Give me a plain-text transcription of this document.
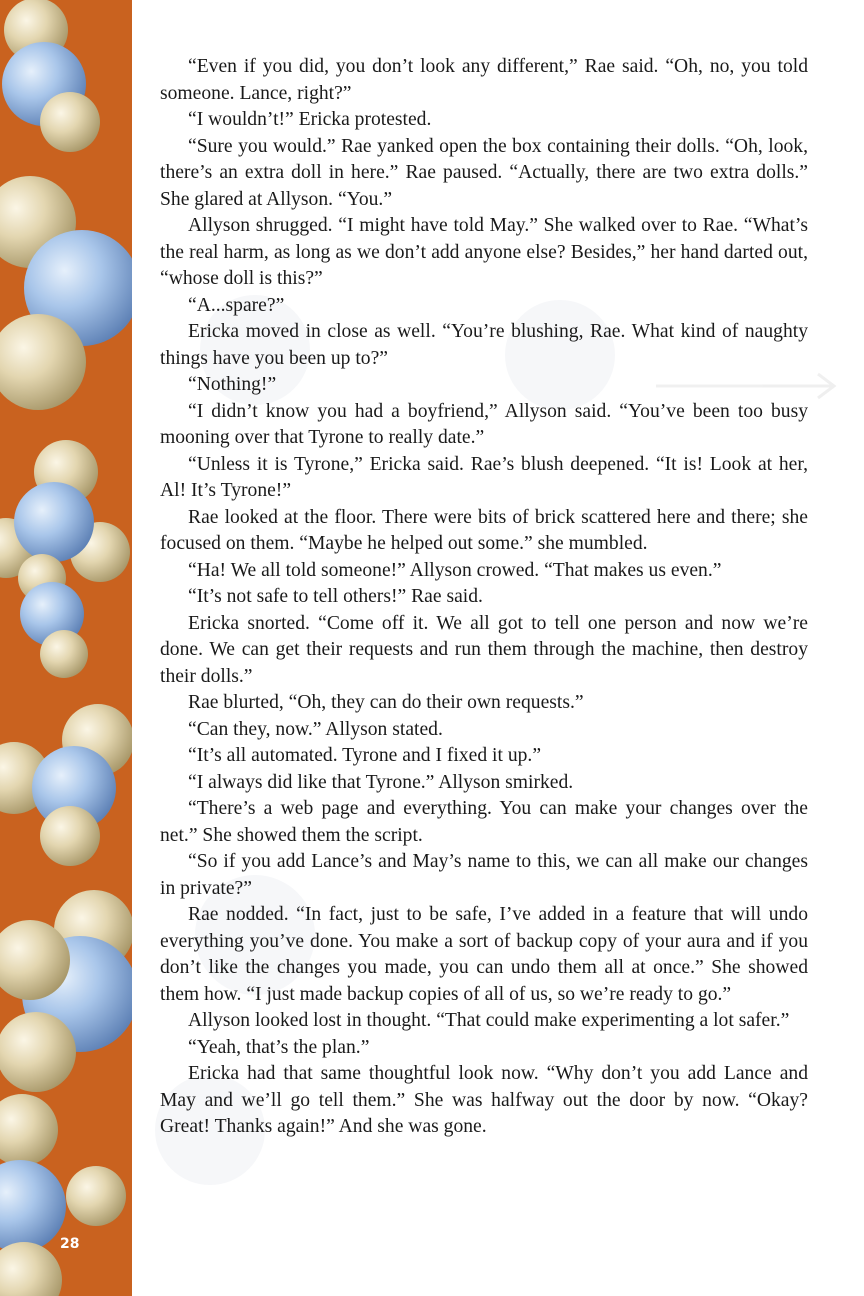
28

“Even if you did, you don’t look any different,” Rae said. “Oh, no, you told someone. Lance, right?”

“I wouldn’t!” Ericka protested.

“Sure you would.” Rae yanked open the box containing their dolls. “Oh, look, there’s an extra doll in here.” Rae paused. “Actually, there are two extra dolls.” She glared at Allyson. “You.”

Allyson shrugged. “I might have told May.” She walked over to Rae. “What’s the real harm, as long as we don’t add anyone else? Besides,” her hand darted out, “whose doll is this?”

“A...spare?”

Ericka moved in close as well. “You’re blushing, Rae. What kind of naughty things have you been up to?”

“Nothing!”

“I didn’t know you had a boyfriend,” Allyson said. “You’ve been too busy mooning over that Tyrone to really date.”

“Unless it is Tyrone,” Ericka said. Rae’s blush deepened. “It is! Look at her, Al! It’s Tyrone!”

Rae looked at the floor. There were bits of brick scattered here and there; she focused on them. “Maybe he helped out some.” she mumbled.

“Ha! We all told someone!” Allyson crowed. “That makes us even.”

“It’s not safe to tell others!” Rae said.

Ericka snorted. “Come off it. We all got to tell one person and now we’re done. We can get their requests and run them through the machine, then destroy their dolls.”

Rae blurted, “Oh, they can do their own requests.”

“Can they, now.” Allyson stated.

“It’s all automated. Tyrone and I fixed it up.”

“I always did like that Tyrone.” Allyson smirked.

“There’s a web page and everything. You can make your changes over the net.” She showed them the script.

“So if you add Lance’s and May’s name to this, we can all make our changes in private?”

Rae nodded. “In fact, just to be safe, I’ve added in a feature that will undo everything you’ve done. You make a sort of backup copy of your aura and if you don’t like the changes you made, you can undo them all at once.” She showed them how. “I just made backup copies of all of us, so we’re ready to go.”

Allyson looked lost in thought. “That could make experimenting a lot safer.”

“Yeah, that’s the plan.”

Ericka had that same thoughtful look now. “Why don’t you add Lance and May and we’ll go tell them.” She was halfway out the door by now. “Okay? Great! Thanks again!” And she was gone.
